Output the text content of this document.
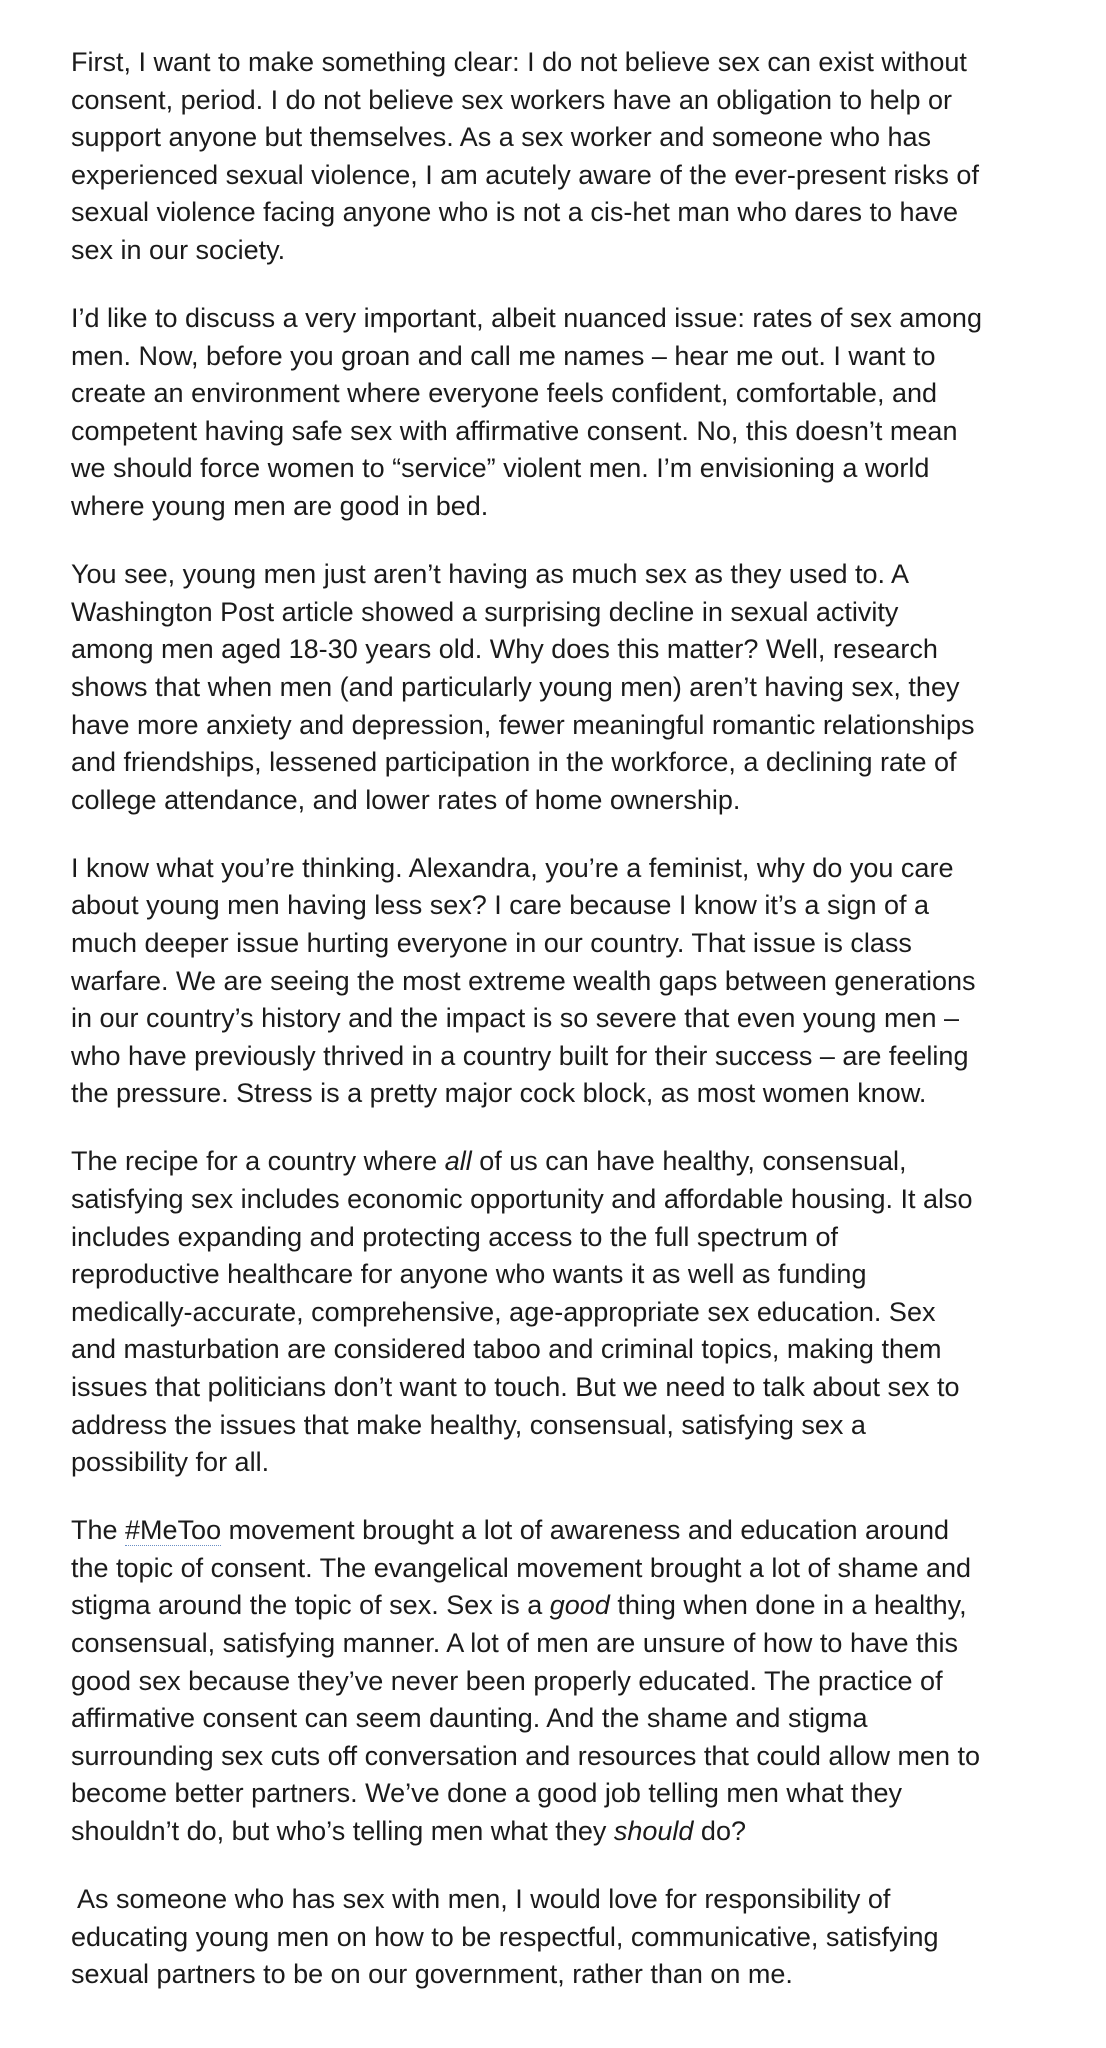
First, I want to make something clear: I do not believe sex can exist without
consent, period. I do not believe sex workers have an obligation to help or
support anyone but themselves. As a sex worker and someone who has
experienced sexual violence, I am acutely aware of the ever-present risks of
sexual violence facing anyone who is not a cis-het man who dares to have
sex in our society.

I’d like to discuss a very important, albeit nuanced issue: rates of sex among
men. Now, before you groan and call me names – hear me out. I want to
create an environment where everyone feels confident, comfortable, and
competent having safe sex with affirmative consent. No, this doesn’t mean
we should force women to “service” violent men. I’m envisioning a world
where young men are good in bed.

You see, young men just aren’t having as much sex as they used to. A
Washington Post article showed a surprising decline in sexual activity
among men aged 18-30 years old. Why does this matter? Well, research
shows that when men (and particularly young men) aren’t having sex, they
have more anxiety and depression, fewer meaningful romantic relationships
and friendships, lessened participation in the workforce, a declining rate of
college attendance, and lower rates of home ownership.

I know what you’re thinking. Alexandra, you’re a feminist, why do you care
about young men having less sex? I care because I know it’s a sign of a
much deeper issue hurting everyone in our country. That issue is class
warfare. We are seeing the most extreme wealth gaps between generations
in our country’s history and the impact is so severe that even young men –
who have previously thrived in a country built for their success – are feeling
the pressure. Stress is a pretty major cock block, as most women know.

The recipe for a country where all of us can have healthy, consensual,
satisfying sex includes economic opportunity and affordable housing. It also
includes expanding and protecting access to the full spectrum of
reproductive healthcare for anyone who wants it as well as funding
medically-accurate, comprehensive, age-appropriate sex education. Sex
and masturbation are considered taboo and criminal topics, making them
issues that politicians don’t want to touch. But we need to talk about sex to
address the issues that make healthy, consensual, satisfying sex a
possibility for all.

The #MeToo movement brought a lot of awareness and education around
the topic of consent. The evangelical movement brought a lot of shame and
stigma around the topic of sex. Sex is a good thing when done in a healthy,
consensual, satisfying manner. A lot of men are unsure of how to have this
good sex because they’ve never been properly educated. The practice of
affirmative consent can seem daunting. And the shame and stigma
surrounding sex cuts off conversation and resources that could allow men to
become better partners. We’ve done a good job telling men what they
shouldn’t do, but who’s telling men what they should do?

As someone who has sex with men, I would love for responsibility of
educating young men on how to be respectful, communicative, satisfying
sexual partners to be on our government, rather than on me.
